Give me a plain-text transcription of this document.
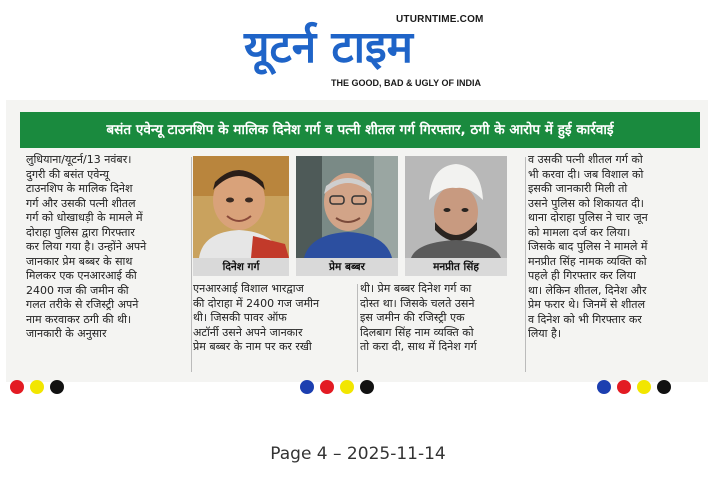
UTURNTIME.COM
यूटर्न टाइम
THE GOOD, BAD & UGLY OF INDIA
बसंत एवेन्यू टाउनशिप के मालिक दिनेश गर्ग व पत्नी शीतल गर्ग गिरफ्तार, ठगी के आरोप में हुई कार्रवाई
लुधियाना/यूटर्न/13 नवंबर।
दुगरी की बसंत एवेन्यू
टाउनशिप के मालिक दिनेश
गर्ग और उसकी पत्नी शीतल
गर्ग को धोखाधड़ी के मामले में
दोराहा पुलिस द्वारा गिरफ्तार
कर लिया गया है। उन्होंने अपने
जानकार प्रेम बब्बर के साथ
मिलकर एक एनआरआई की
2400 गज की जमीन की
गलत तरीके से रजिस्ट्री अपने
नाम करवाकर ठगी की थी।
जानकारी के अनुसार
दिनेश गर्ग	प्रेम बब्बर	मनप्रीत सिंह
एनआरआई विशाल भारद्वाज
की दोराहा में 2400 गज जमीन
थी। जिसकी पावर ऑफ
अटॉर्नी उसने अपने जानकार
प्रेम बब्बर के नाम पर कर रखी
थी। प्रेम बब्बर दिनेश गर्ग का
दोस्त था। जिसके चलते उसने
इस जमीन की रजिस्ट्री एक
दिलबाग सिंह नाम व्यक्ति को
तो करा दी, साथ में दिनेश गर्ग
व उसकी पत्नी शीतल गर्ग को
भी करवा दी। जब विशाल को
इसकी जानकारी मिली तो
उसने पुलिस को शिकायत दी।
थाना दोराहा पुलिस ने चार जून
को मामला दर्ज कर लिया।
जिसके बाद पुलिस ने मामले में
मनप्रीत सिंह नामक व्यक्ति को
पहले ही गिरफ्तार कर लिया
था। लेकिन शीतल, दिनेश और
प्रेम फरार थे। जिनमें से शीतल
व दिनेश को भी गिरफ्तार कर
लिया है।
Page 4 – 2025-11-14
